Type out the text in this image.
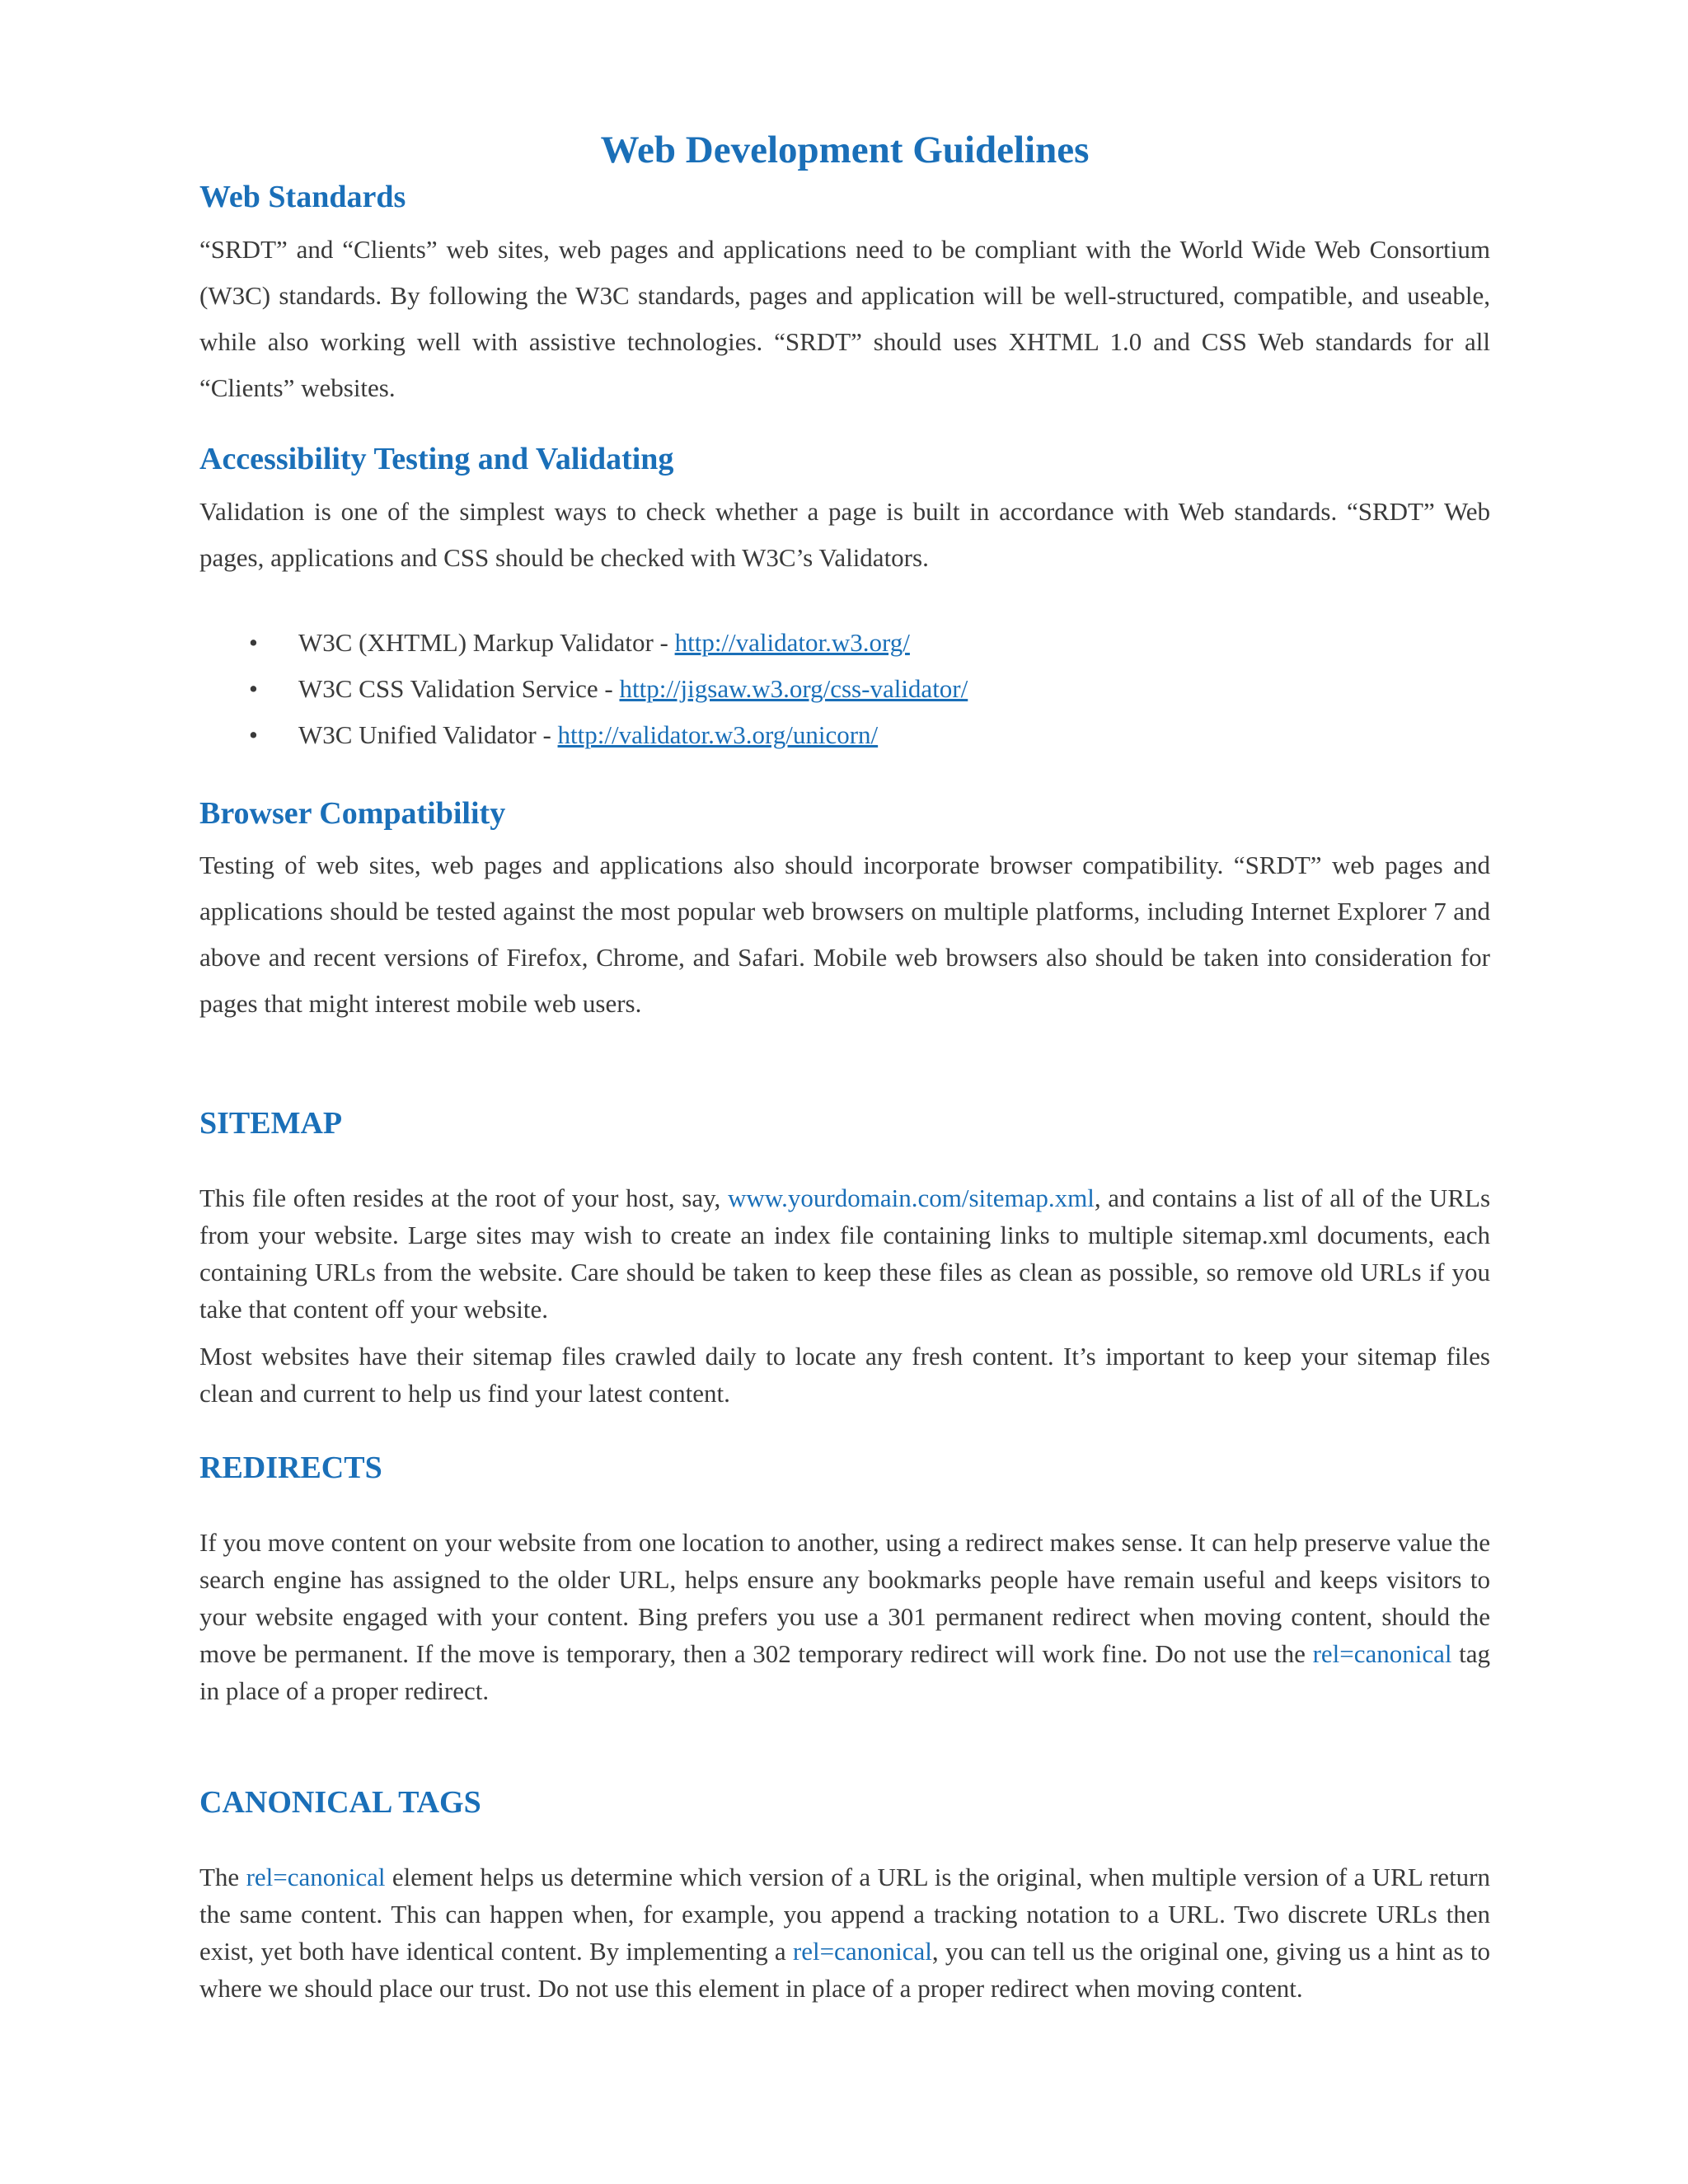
Web Development Guidelines
Web Standards

“SRDT” and “Clients” web sites, web pages and applications need to be compliant with the World Wide Web Consortium (W3C) standards. By following the W3C standards, pages and application will be well-structured, compatible, and useable, while also working well with assistive technologies. “SRDT” should uses XHTML 1.0 and CSS Web standards for all “Clients” websites.

Accessibility Testing and Validating

Validation is one of the simplest ways to check whether a page is built in accordance with Web standards. “SRDT” Web pages, applications and CSS should be checked with W3C’s Validators.

• W3C (XHTML) Markup Validator - http://validator.w3.org/
• W3C CSS Validation Service - http://jigsaw.w3.org/css-validator/
• W3C Unified Validator - http://validator.w3.org/unicorn/
Browser Compatibility

Testing of web sites, web pages and applications also should incorporate browser compatibility. “SRDT” web pages and applications should be tested against the most popular web browsers on multiple platforms, including Internet Explorer 7 and above and recent versions of Firefox, Chrome, and Safari. Mobile web browsers also should be taken into consideration for pages that might interest mobile web users.

SITEMAP

This file often resides at the root of your host, say, www.yourdomain.com/sitemap.xml, and contains a list of all of the URLs from your website. Large sites may wish to create an index file containing links to multiple sitemap.xml documents, each containing URLs from the website. Care should be taken to keep these files as clean as possible, so remove old URLs if you take that content off your website.

Most websites have their sitemap files crawled daily to locate any fresh content. It’s important to keep your sitemap files clean and current to help us find your latest content.

REDIRECTS

If you move content on your website from one location to another, using a redirect makes sense. It can help preserve value the search engine has assigned to the older URL, helps ensure any bookmarks people have remain useful and keeps visitors to your website engaged with your content. Bing prefers you use a 301 permanent redirect when moving content, should the move be permanent. If the move is temporary, then a 302 temporary redirect will work fine. Do not use the rel=canonical tag in place of a proper redirect.

CANONICAL TAGS

The rel=canonical element helps us determine which version of a URL is the original, when multiple version of a URL return the same content. This can happen when, for example, you append a tracking notation to a URL. Two discrete URLs then exist, yet both have identical content. By implementing a rel=canonical, you can tell us the original one, giving us a hint as to where we should place our trust. Do not use this element in place of a proper redirect when moving content.
